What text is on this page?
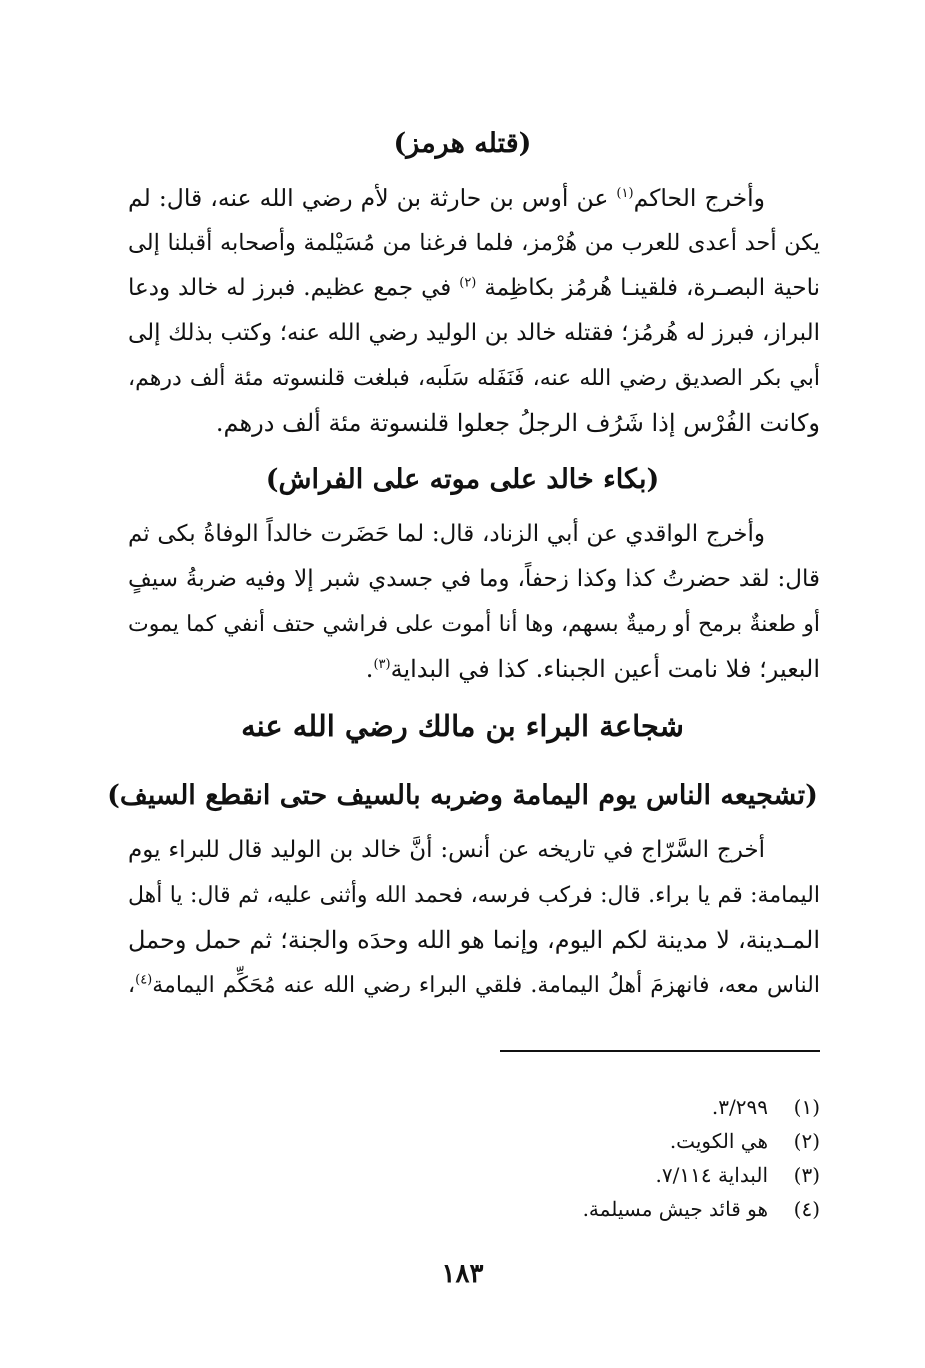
(قتله هرمز)
وأخرج الحاكم$^{(١)}$ عن أوس بن حارثة بن لأم رضي الله عنه، قال: لم
يكن أحد أعدى للعرب من هُرْمز، فلما فرغنا من مُسَيْلمة وأصحابه أقبلنا إلى
ناحية البصـرة، فلقينـا هُرمُز بكاظِمة $^{(٢)}$ في جمع عظيم. فبرز له خالد ودعا
البراز، فبرز له هُرمُز؛ فقتله خالد بن الوليد رضي الله عنه؛ وكتب بذلك إلى
أبي بكر الصديق رضي الله عنه، فَنَفَله سَلَبه، فبلغت قلنسوته مئة ألف درهم،
وكانت الفُرْس إذا شَرُف الرجلُ جعلوا قلنسوتة مئة ألف درهم.
(بكاء خالد على موته على الفراش)
وأخرج الواقدي عن أبي الزناد، قال: لما حَضَرت خالداً الوفاةُ بكى ثم
قال: لقد حضرتُ كذا وكذا زحفاً، وما في جسدي شبر إلا وفيه ضربةُ سيفٍ
أو طعنةٌ برمح أو رميةٌ بسهم، وها أنا أموت على فراشي حتف أنفي كما يموت
البعير؛ فلا نامت أعين الجبناء. كذا في البداية$^{(٣)}$.
شجاعة البراء بن مالك رضي الله عنه
(تشجيعه الناس يوم اليمامة وضربه بالسيف حتى انقطع السيف)
أخرج السَّرّاج في تاريخه عن أنس: أنَّ خالد بن الوليد قال للبراء يوم
اليمامة: قم يا براء. قال: فركب فرسه، فحمد الله وأثنى عليه، ثم قال: يا أهل
المـدينة، لا مدينة لكم اليوم، وإنما هو الله وحدَه والجنة؛ ثم حمل وحمل
الناس معه، فانهزمَ أهلُ اليمامة. فلقي البراء رضي الله عنه مُحَكِّم اليمامة$^{(٤)}$،
(١)٣/٢٩٩.
(٢)هي الكويت.
(٣)البداية ٧/١١٤.
(٤)هو قائد جيش مسيلمة.
١٨٣
